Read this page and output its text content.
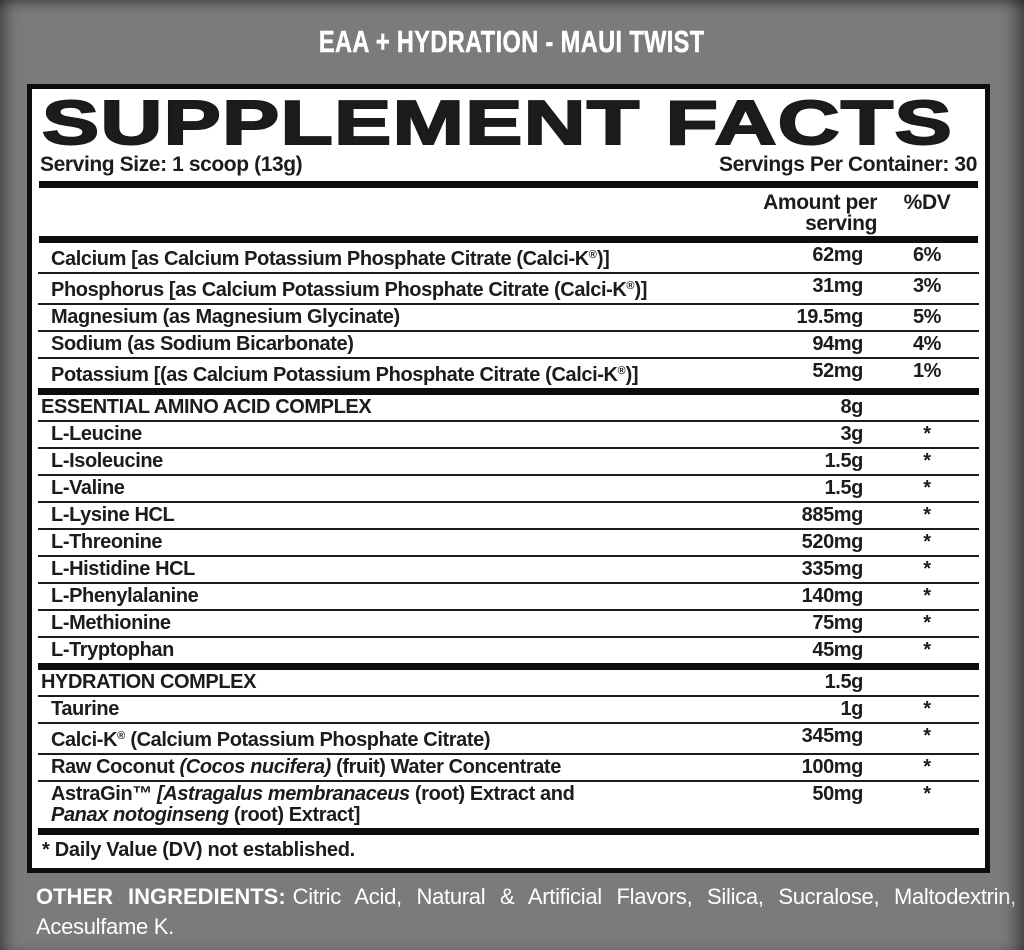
EAA + HYDRATION - MAUI TWIST
SUPPLEMENT FACTS
Serving Size: 1 scoop (13g)	Servings Per Container: 30
Amount per serving
%DV
Calcium [as Calcium Potassium Phosphate Citrate (Calci-K®)]	62mg	6%
Phosphorus [as Calcium Potassium Phosphate Citrate (Calci-K®)]	31mg	3%
Magnesium (as Magnesium Glycinate)	19.5mg	5%
Sodium (as Sodium Bicarbonate)	94mg	4%
Potassium [(as Calcium Potassium Phosphate Citrate (Calci-K®)]	52mg	1%
ESSENTIAL AMINO ACID COMPLEX	8g
L-Leucine	3g	*
L-Isoleucine	1.5g	*
L-Valine	1.5g	*
L-Lysine HCL	885mg	*
L-Threonine	520mg	*
L-Histidine HCL	335mg	*
L-Phenylalanine	140mg	*
L-Methionine	75mg	*
L-Tryptophan	45mg	*
HYDRATION COMPLEX	1.5g
Taurine	1g	*
Calci-K® (Calcium Potassium Phosphate Citrate)	345mg	*
Raw Coconut (Cocos nucifera) (fruit) Water Concentrate	100mg	*
AstraGin™ [Astragalus membranaceus (root) Extract and
Panax notoginseng (root) Extract]
50mg	*
* Daily Value (DV) not established.

OTHER INGREDIENTS: Citric Acid, Natural & Artificial Flavors, Silica, Sucralose, Maltodextrin, Acesulfame K.
